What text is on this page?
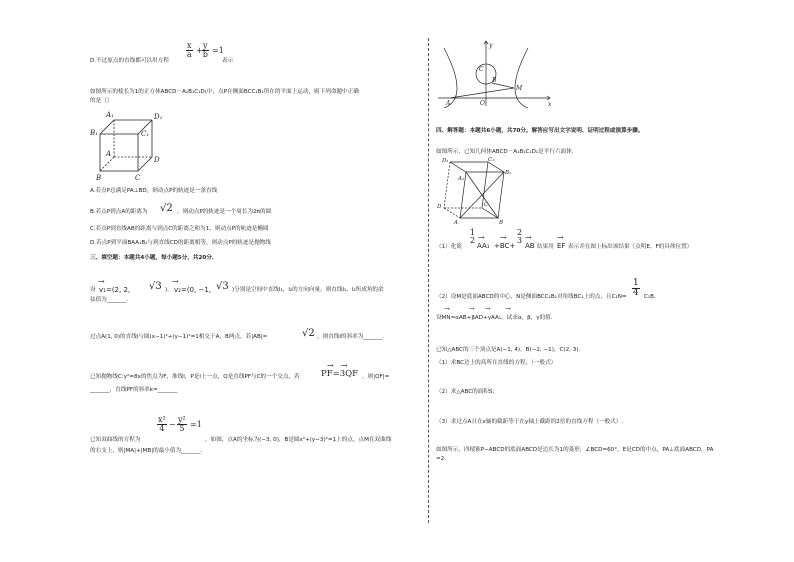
D.不过原点的直线都可以用方程
$\frac{x}{a} + \frac{y}{b} =1$
表示
如图所示的棱长为1的正方体ABCD－A₁B₁C₁D₁中，点P在侧面BCC₁B₁所在的平面上运动，则下列命题中正确
的是（）
A₁	D₁
B₁	C₁
D
A
B	C
A.若点P总满足PA⊥BD，则动点P的轨迹是一条直线
B.若点P到点A的距离为 √2 ，则动点P的轨迹是一个周长为2π的圆
C.若点P到直线AB的距离与到点C的距离之和为1，则动点P的轨迹是椭圆
D.若点P到平面BAA₁B₁与到直线CD的距离相等，则动点P的轨迹是抛物线
三、填空题：本题共4小题，每小题5分，共20分.
设
→
v₁=(2, 2, √3 )，
→
v₂=(0, −1, √3 )分别是空间中直线l₁，l₂的方向向量，则直线l₁，l₂所成角的余
弦值为_______.
过点A(1, 0)的直线l与圆(x−1)²+(y−1)²=1相交于A，B两点，若|AB|=	√2 ，则直线l的斜率为_______.
已知抛物线C:y²=8x的焦点为F，准线l，P是l上一点，Q是直线PF与C的一个交点，若
→ →
PF=3QF ，则|QF|=
_______，直线PF的斜率k=_______
$\frac{\text{x²}}{4} - \frac{\text{y²}}{5} =1$
已知双曲线的方程为	，如图，点A的坐标为(−3, 0)，B是圆x²+(y−3)²=1上的点，点M在双曲线
的右支上，则|MA|+|MB|的最小值为_______.
y
x
A	O
B
C
M
四、解答题：本题共6小题，共70分。解答应写出文字说明、证明过程或演算步骤。
如图所示，已知几何体ABCD－A₁B₁C₁D₁是平行六面体.
D₁	C₁
A₁
B₁
D	C
A	B
（1）化简
1
2 →
AA₁
→
+BC+
2
3 →
AB 结果用
→
EF 表示并在图上标出该结果（点明E，F的具体位置）
（2）设M是底面ABCD的中心，N是侧面BCC₁B₁对角线BC₁上的点，且$C_1N= \frac{1}{4} C_1B$，
→    →  →   →
设MN=αAB+βAD+γAA₁，试求α，β，γ的值.
已知△ABC的三个顶点是A(−1, 4)，B(−2, −1)，C(2, 3).
（1）求BC边上的高所在直线的方程；（一般式）
（2）求△ABC的面积S；
（3）求过点A且在x轴的截距等于在y轴上截距的2倍的直线方程（一般式）.
如图所示，四棱锥P−ABCD的底面ABCD是边长为1的菱形，∠BCD=60°，E是CD的中点，PA⊥底面ABCD，PA
=2.
